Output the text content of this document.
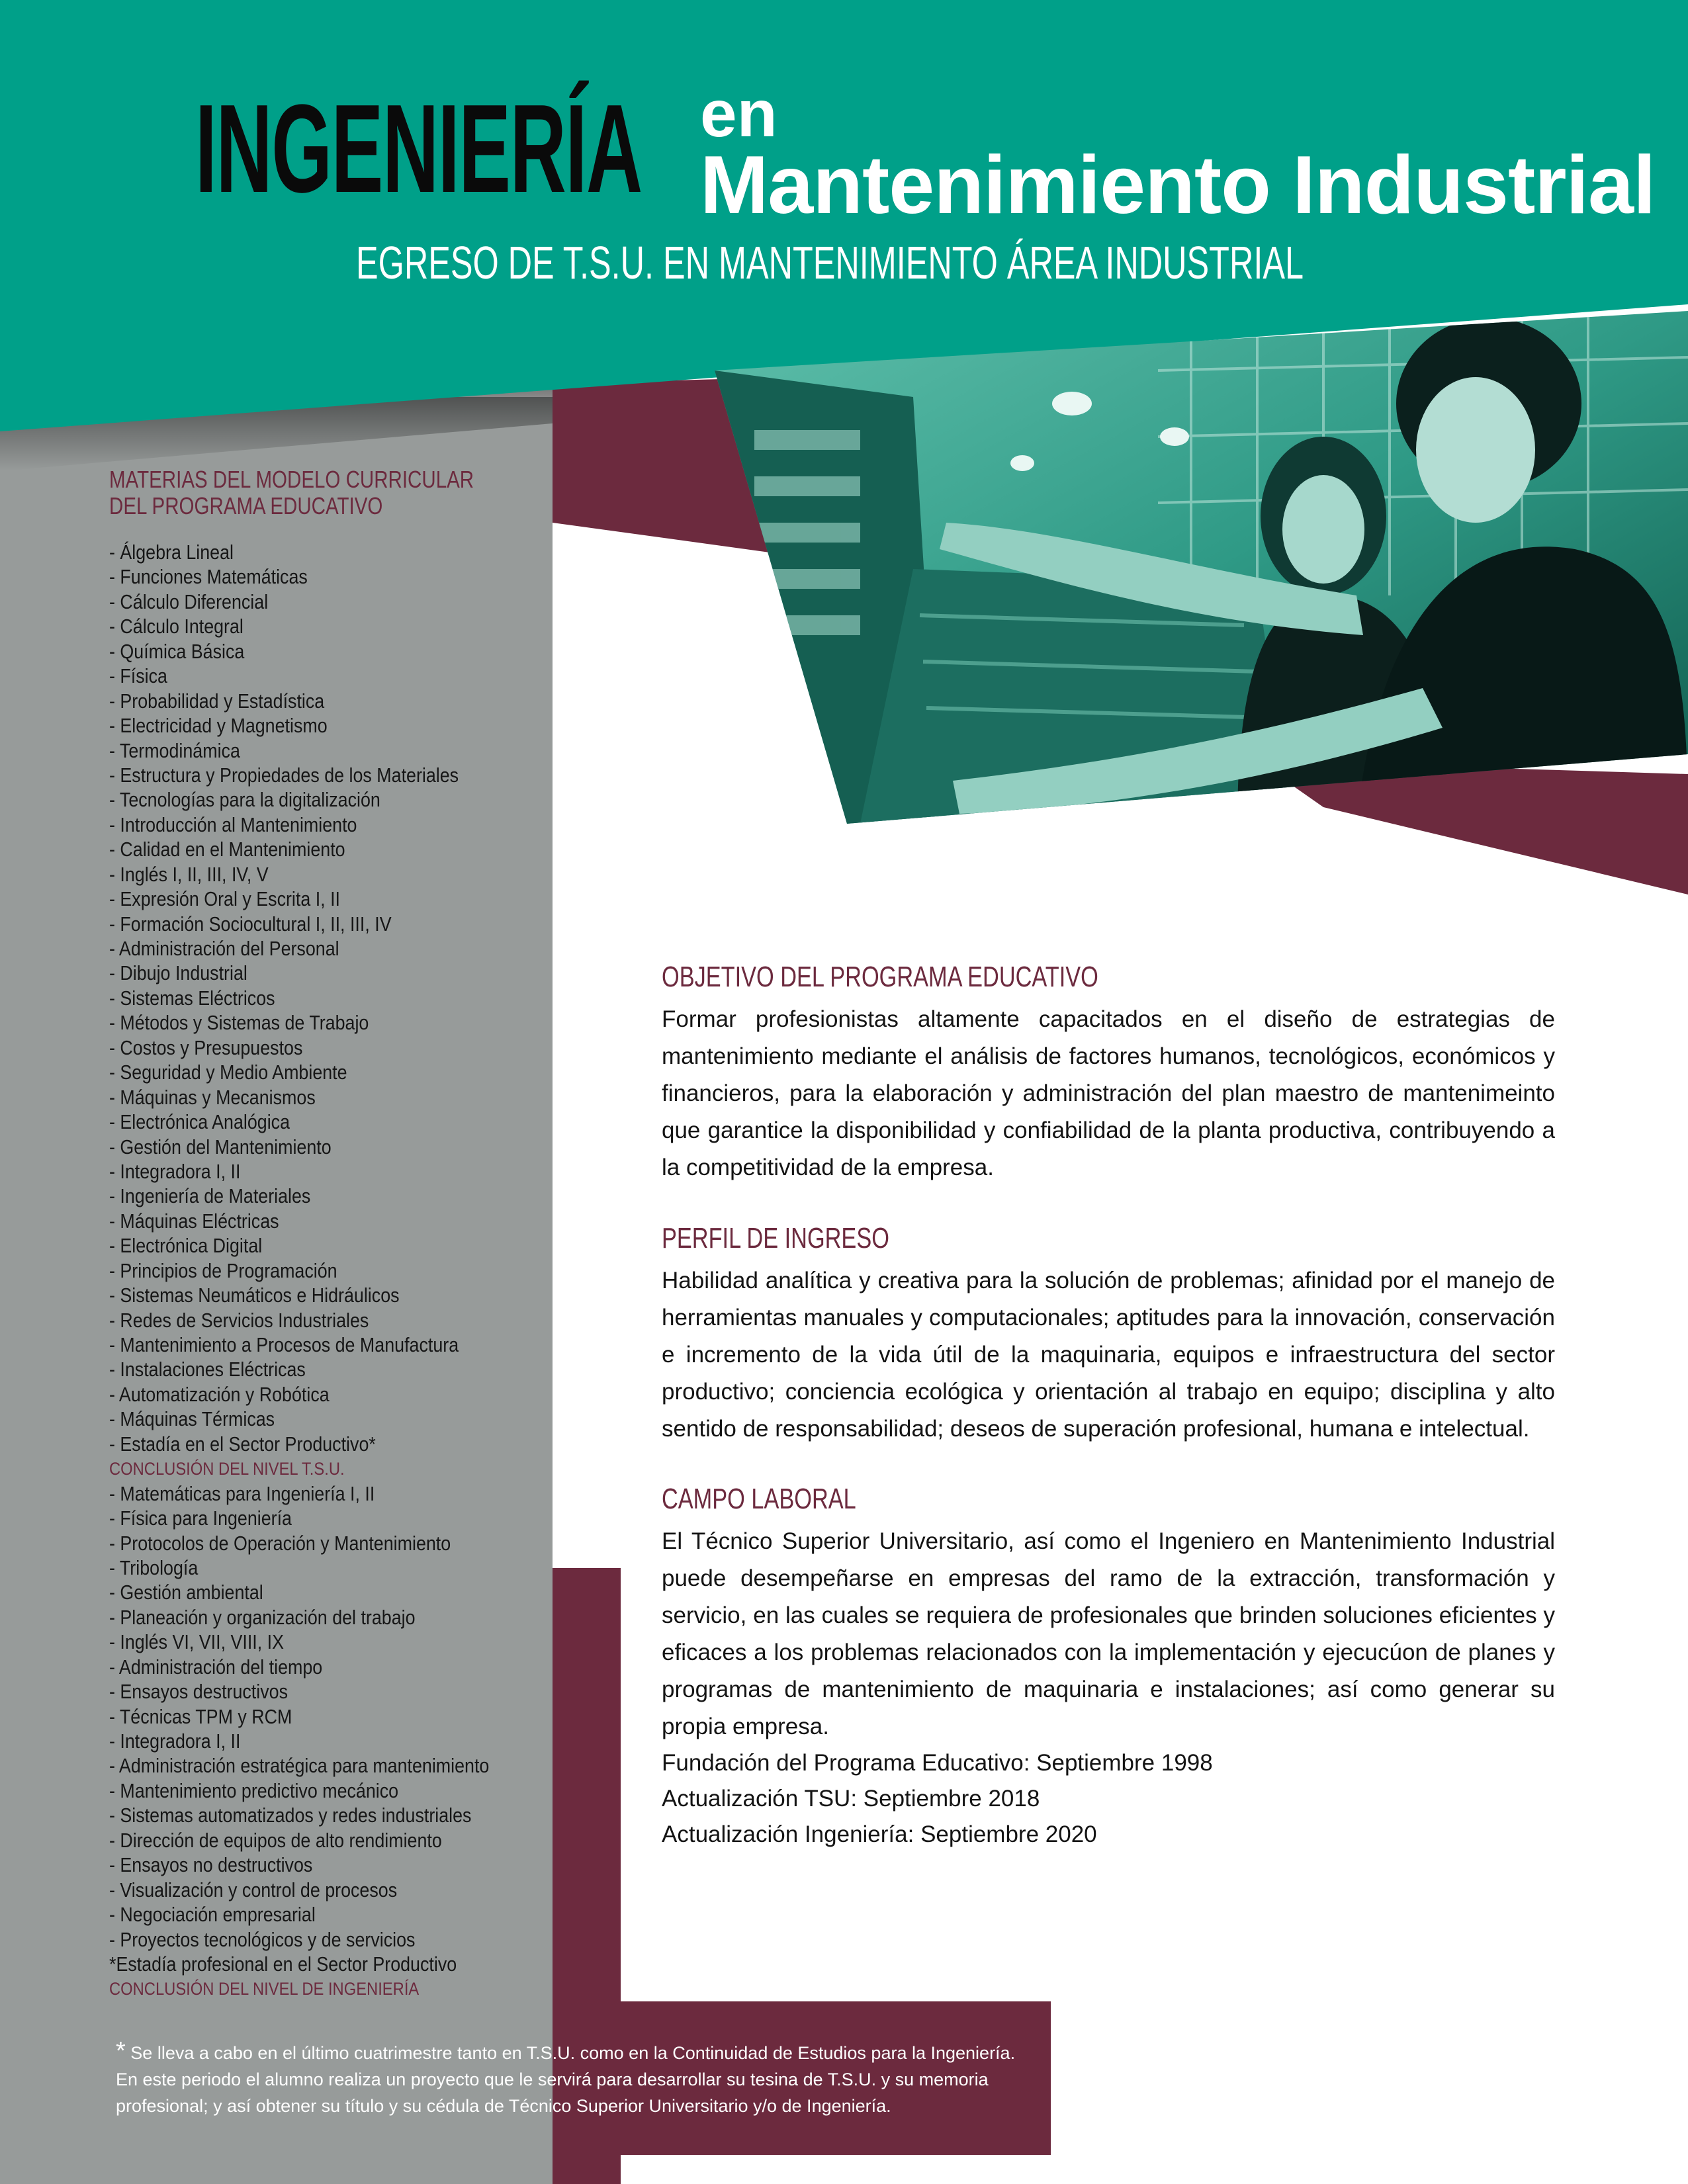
INGENIERÍA en
Mantenimiento Industrial
EGRESO DE T.S.U. EN MANTENIMIENTO ÁREA INDUSTRIAL
MATERIAS DEL MODELO CURRICULAR DEL PROGRAMA EDUCATIVO
- Álgebra Lineal
- Funciones Matemáticas
- Cálculo Diferencial
- Cálculo Integral
- Química Básica
- Física
- Probabilidad y Estadística
- Electricidad y Magnetismo
- Termodinámica
- Estructura y Propiedades de los Materiales
- Tecnologías para la digitalización
- Introducción al Mantenimiento
- Calidad en el Mantenimiento
- Inglés I, II, III, IV, V
- Expresión Oral y Escrita I, II
- Formación Sociocultural I, II, III, IV
- Administración del Personal
- Dibujo Industrial
- Sistemas Eléctricos
- Métodos y Sistemas de Trabajo
- Costos y Presupuestos
- Seguridad y Medio Ambiente
- Máquinas y Mecanismos
- Electrónica Analógica
- Gestión del Mantenimiento
- Integradora I, II
- Ingeniería de Materiales
- Máquinas Eléctricas
- Electrónica Digital
- Principios de Programación
- Sistemas Neumáticos e Hidráulicos
- Redes de Servicios Industriales
- Mantenimiento a Procesos de Manufactura
- Instalaciones Eléctricas
- Automatización y Robótica
- Máquinas Térmicas
- Estadía en el Sector Productivo*
CONCLUSIÓN DEL NIVEL T.S.U.
- Matemáticas para Ingeniería I, II
- Física para Ingeniería
- Protocolos de Operación y Mantenimiento
- Tribología
- Gestión ambiental
- Planeación y organización del trabajo
- Inglés VI, VII, VIII, IX
- Administración del tiempo
- Ensayos destructivos
- Técnicas TPM y RCM
- Integradora I, II
- Administración estratégica para mantenimiento
- Mantenimiento predictivo mecánico
- Sistemas automatizados y redes industriales
- Dirección de equipos de alto rendimiento
- Ensayos no destructivos
- Visualización y control de procesos
- Negociación empresarial
- Proyectos tecnológicos y de servicios
*Estadía profesional en el Sector Productivo
CONCLUSIÓN DEL NIVEL DE INGENIERÍA
OBJETIVO DEL PROGRAMA EDUCATIVO
Formar profesionistas altamente capacitados en el diseño de estrategias de mantenimiento mediante el análisis de factores humanos, tecnológicos, económicos y financieros, para la elaboración y administración del plan maestro de mantenimeinto que garantice la disponibilidad y confiabilidad de la planta productiva, contribuyendo a la competitividad de la empresa.
PERFIL DE INGRESO
Habilidad analítica y creativa para la solución de problemas; afinidad por el manejo de herramientas manuales y computacionales; aptitudes para la innovación, conservación e incremento de la vida útil de la maquinaria, equipos e infraestructura del sector productivo; conciencia ecológica y orientación al trabajo en equipo; disciplina y alto sentido de responsabilidad; deseos de superación profesional, humana e intelectual.
CAMPO LABORAL
El Técnico Superior Universitario, así como el Ingeniero en Mantenimiento Industrial puede desempeñarse en empresas del ramo de la extracción, transformación y servicio, en las cuales se requiera de profesionales que brinden soluciones eficientes y eficaces a los problemas relacionados con la implementación y ejecucúon de planes y programas de mantenimiento de maquinaria e instalaciones; así como generar su propia empresa.
Fundación del Programa Educativo: Septiembre 1998
Actualización TSU: Septiembre 2018
Actualización Ingeniería: Septiembre 2020
* Se lleva a cabo en el último cuatrimestre tanto en T.S.U. como en la Continuidad de Estudios para la Ingeniería. En este periodo el alumno realiza un proyecto que le servirá para desarrollar su tesina de T.S.U. y su memoria profesional; y así obtener su título y su cédula de Técnico Superior Universitario y/o de Ingeniería.
